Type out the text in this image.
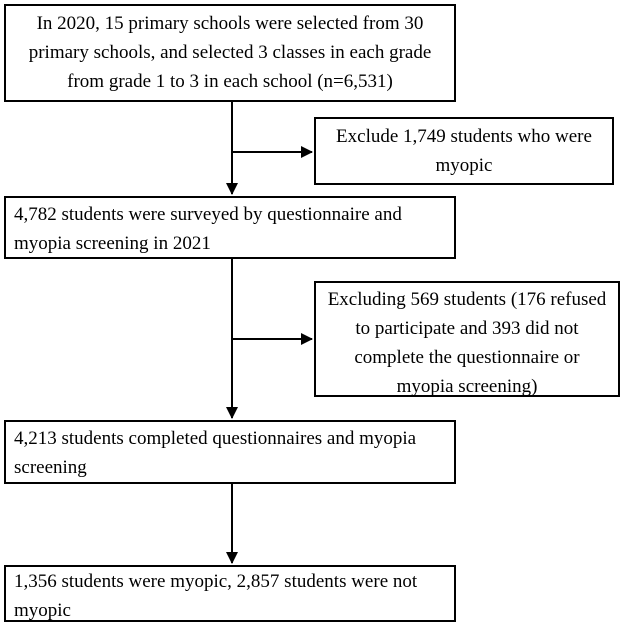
In 2020, 15 primary schools were selected from 30 primary schools, and selected 3 classes in each grade from grade 1 to 3 in each school (n=6,531)
Exclude 1,749 students who were myopic
4,782 students were surveyed by questionnaire and myopia screening in 2021
Excluding 569 students (176 refused to participate and 393 did not complete the questionnaire or myopia screening)
4,213 students completed questionnaires and myopia screening
1,356 students were myopic, 2,857 students were not myopic
